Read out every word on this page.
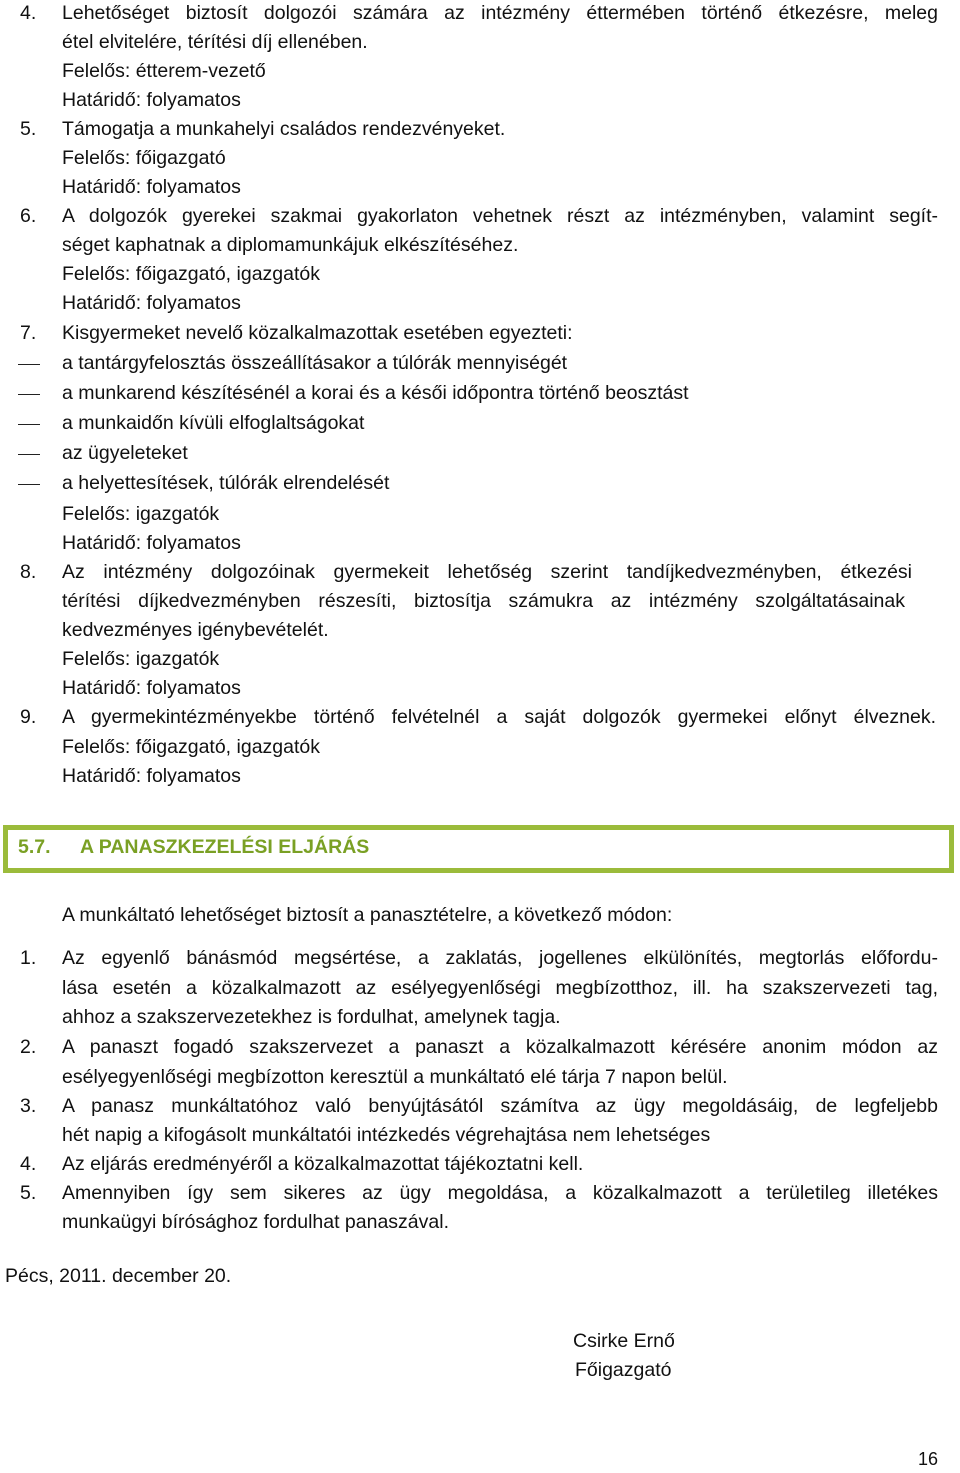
4. Lehetőséget biztosít dolgozói számára az intézmény éttermében történő étkezésre, meleg
étel elvitelére, térítési díj ellenében.
Felelős: étterem-vezető
Határidő: folyamatos
5. Támogatja a munkahelyi családos rendezvényeket.
Felelős: főigazgató
Határidő: folyamatos
6. A dolgozók gyerekei szakmai gyakorlaton vehetnek részt az intézményben, valamint segít-
séget kaphatnak a diplomamunkájuk elkészítéséhez.
Felelős: főigazgató, igazgatók
Határidő: folyamatos
7. Kisgyermeket nevelő közalkalmazottak esetében egyezteti:
a tantárgyfelosztás összeállításakor a túlórák mennyiségét
a munkarend készítésénél a korai és a késői időpontra történő beosztást
a munkaidőn kívüli elfoglaltságokat
az ügyeleteket
a helyettesítések, túlórák elrendelését
Felelős: igazgatók
Határidő: folyamatos
8. Az intézmény dolgozóinak gyermekeit lehetőség szerint tandíjkedvezményben, étkezési
térítési díjkedvezményben részesíti, biztosítja számukra az intézmény szolgáltatásainak
kedvezményes igénybevételét.
Felelős: igazgatók
Határidő: folyamatos
9. A gyermekintézményekbe történő felvételnél a saját dolgozók gyermekei előnyt élveznek.
Felelős: főigazgató, igazgatók
Határidő: folyamatos
5.7. A PANASZKEZELÉSI ELJÁRÁS
A munkáltató lehetőséget biztosít a panasztételre, a következő módon:
1. Az egyenlő bánásmód megsértése, a zaklatás, jogellenes elkülönítés, megtorlás előfordu-
lása esetén a közalkalmazott az esélyegyenlőségi megbízotthoz, ill. ha szakszervezeti tag,
ahhoz a szakszervezetekhez is fordulhat, amelynek tagja.
2. A panaszt fogadó szakszervezet a panaszt a közalkalmazott kérésére anonim módon az
esélyegyenlőségi megbízotton keresztül a munkáltató elé tárja 7 napon belül.
3. A panasz munkáltatóhoz való benyújtásától számítva az ügy megoldásáig, de legfeljebb
hét napig a kifogásolt munkáltatói intézkedés végrehajtása nem lehetséges
4. Az eljárás eredményéről a közalkalmazottat tájékoztatni kell.
5. Amennyiben így sem sikeres az ügy megoldása, a közalkalmazott a területileg illetékes
munkaügyi bírósághoz fordulhat panaszával.
Pécs, 2011. december 20.
Csirke Ernő
Főigazgató
16
